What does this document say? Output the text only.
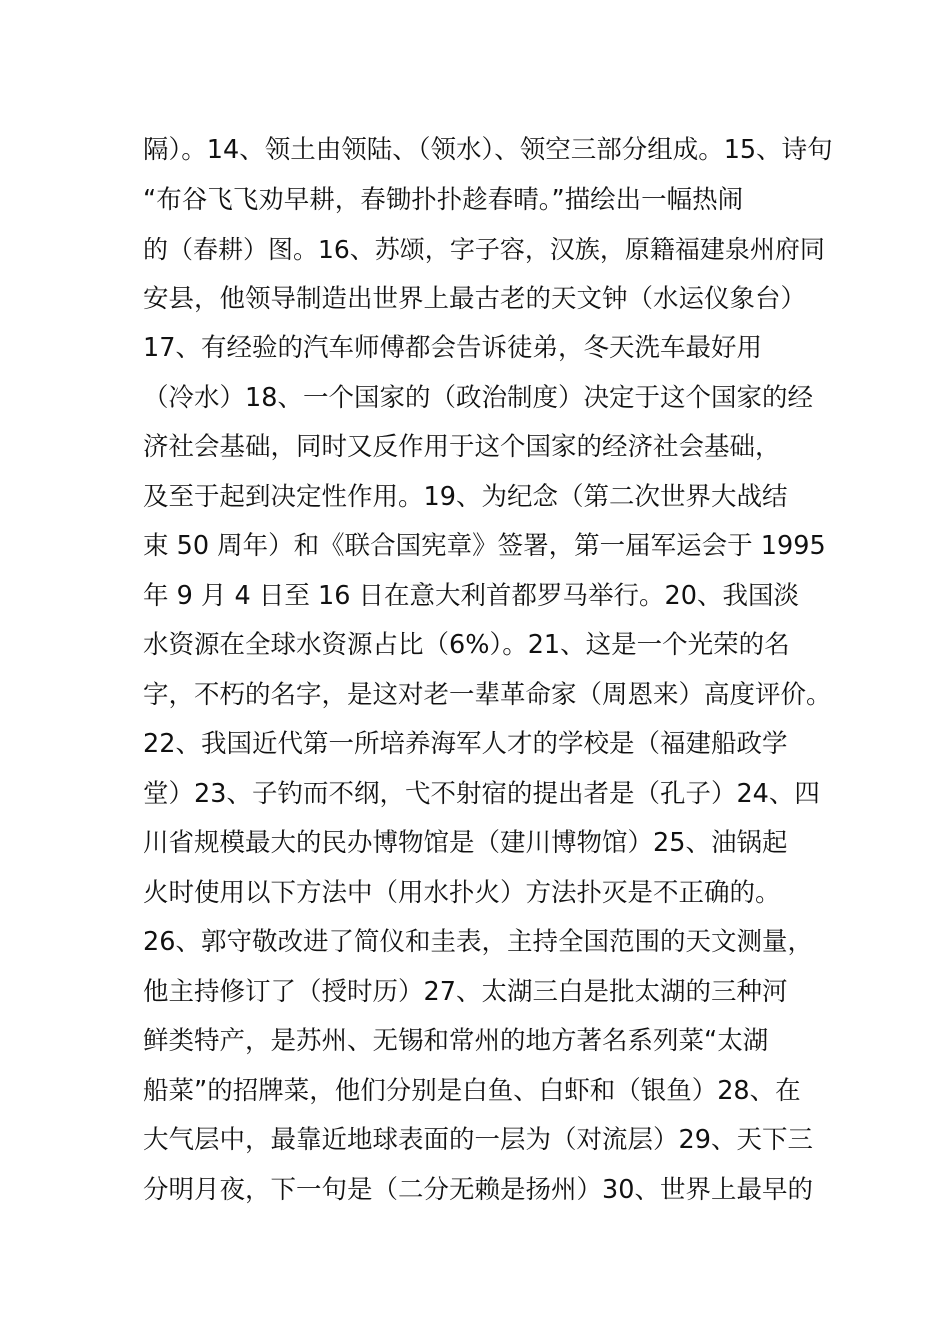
隔）。14、领土由领陆、（领水）、领空三部分组成。15、诗句
“布谷飞飞劝早耕，春锄扑扑趁春晴。”描绘出一幅热闹
的（春耕）图。16、苏颂，字子容，汉族，原籍福建泉州府同
安县，他领导制造出世界上最古老的天文钟（水运仪象台）
17、有经验的汽车师傅都会告诉徒弟，冬天洗车最好用
（冷水）18、一个国家的（政治制度）决定于这个国家的经
济社会基础，同时又反作用于这个国家的经济社会基础，
及至于起到决定性作用。19、为纪念（第二次世界大战结
束 50 周年）和《联合国宪章》签署，第一届军运会于 1995
年 9 月 4 日至 16 日在意大利首都罗马举行。20、我国淡
水资源在全球水资源占比（6%）。21、这是一个光荣的名
字，不朽的名字，是这对老一辈革命家（周恩来）高度评价。
22、我国近代第一所培养海军人才的学校是（福建船政学
堂）23、子钓而不纲，弋不射宿的提出者是（孔子）24、四
川省规模最大的民办博物馆是（建川博物馆）25、油锅起
火时使用以下方法中（用水扑火）方法扑灭是不正确的。
26、郭守敬改进了简仪和圭表，主持全国范围的天文测量，
他主持修订了（授时历）27、太湖三白是批太湖的三种河
鲜类特产，是苏州、无锡和常州的地方著名系列菜“太湖
船菜”的招牌菜，他们分别是白鱼、白虾和（银鱼）28、在
大气层中，最靠近地球表面的一层为（对流层）29、天下三
分明月夜，下一句是（二分无赖是扬州）30、世界上最早的
